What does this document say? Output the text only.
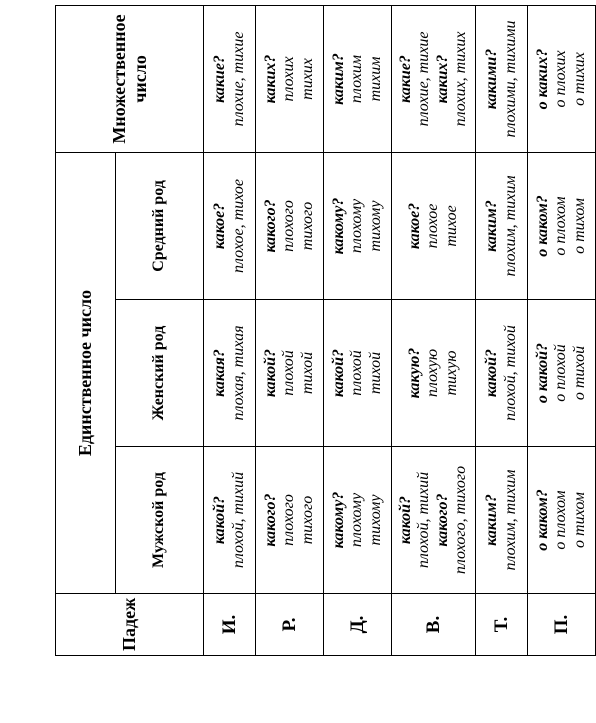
Падеж	Единственное число			Множественное число
	Мужской род	Женский род	Средний род	
И.	какой? плохой, тихий	какая? плохая, тихая	какое? плохое, тихое	какие? плохие, тихие

Р.	какого? плохого тихого	какой? плохой тихой	какого? плохого тихого	каких? плохих тихих

Д.	какому? плохому тихому	какой? плохой тихой	какому? плохому тихому	каким? плохим тихим

В.	какой? плохой, тихий какого? плохого, тихого	какую? плохую тихую	какое? плохое тихое	какие? плохие, тихие каких? плохих, тихих

Т.	каким? плохим, тихим	какой? плохой, тихой	каким? плохим, тихим	какими? плохими, тихими

П.	о каком? о плохом о тихом	о какой? о плохой о тихой	о каком? о плохом о тихом	о каких? о плохих о тихих
